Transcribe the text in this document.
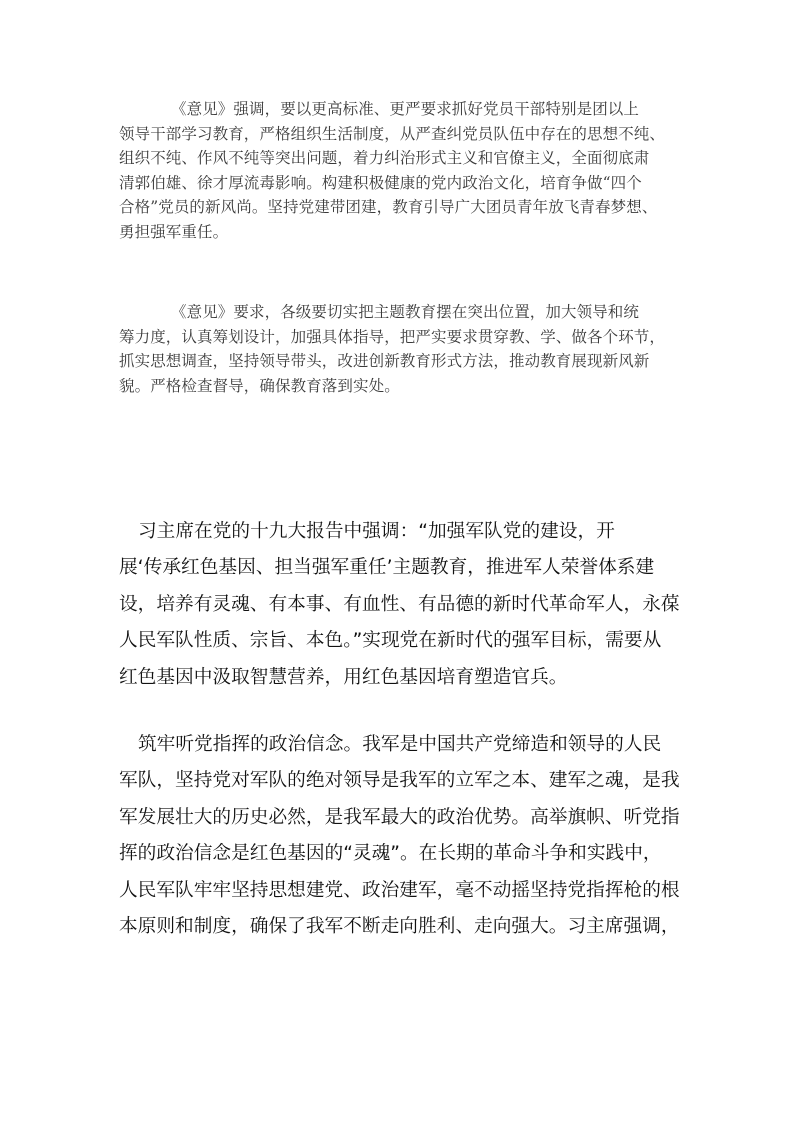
《意见》强调，要以更高标准、更严要求抓好党员干部特别是团以上
领导干部学习教育，严格组织生活制度，从严查纠党员队伍中存在的思想不纯、
组织不纯、作风不纯等突出问题，着力纠治形式主义和官僚主义，全面彻底肃
清郭伯雄、徐才厚流毒影响。构建积极健康的党内政治文化，培育争做“四个
合格”党员的新风尚。坚持党建带团建，教育引导广大团员青年放飞青春梦想、
勇担强军重任。
《意见》要求，各级要切实把主题教育摆在突出位置，加大领导和统
筹力度，认真筹划设计，加强具体指导，把严实要求贯穿教、学、做各个环节，
抓实思想调查，坚持领导带头，改进创新教育形式方法，推动教育展现新风新
貌。严格检查督导，确保教育落到实处。
习主席在党的十九大报告中强调：“加强军队党的建设，开
展‘传承红色基因、担当强军重任’主题教育，推进军人荣誉体系建
设，培养有灵魂、有本事、有血性、有品德的新时代革命军人，永葆
人民军队性质、宗旨、本色。”实现党在新时代的强军目标，需要从
红色基因中汲取智慧营养，用红色基因培育塑造官兵。
筑牢听党指挥的政治信念。我军是中国共产党缔造和领导的人民
军队，坚持党对军队的绝对领导是我军的立军之本、建军之魂，是我
军发展壮大的历史必然，是我军最大的政治优势。高举旗帜、听党指
挥的政治信念是红色基因的“灵魂”。在长期的革命斗争和实践中，
人民军队牢牢坚持思想建党、政治建军，毫不动摇坚持党指挥枪的根
本原则和制度，确保了我军不断走向胜利、走向强大。习主席强调，
